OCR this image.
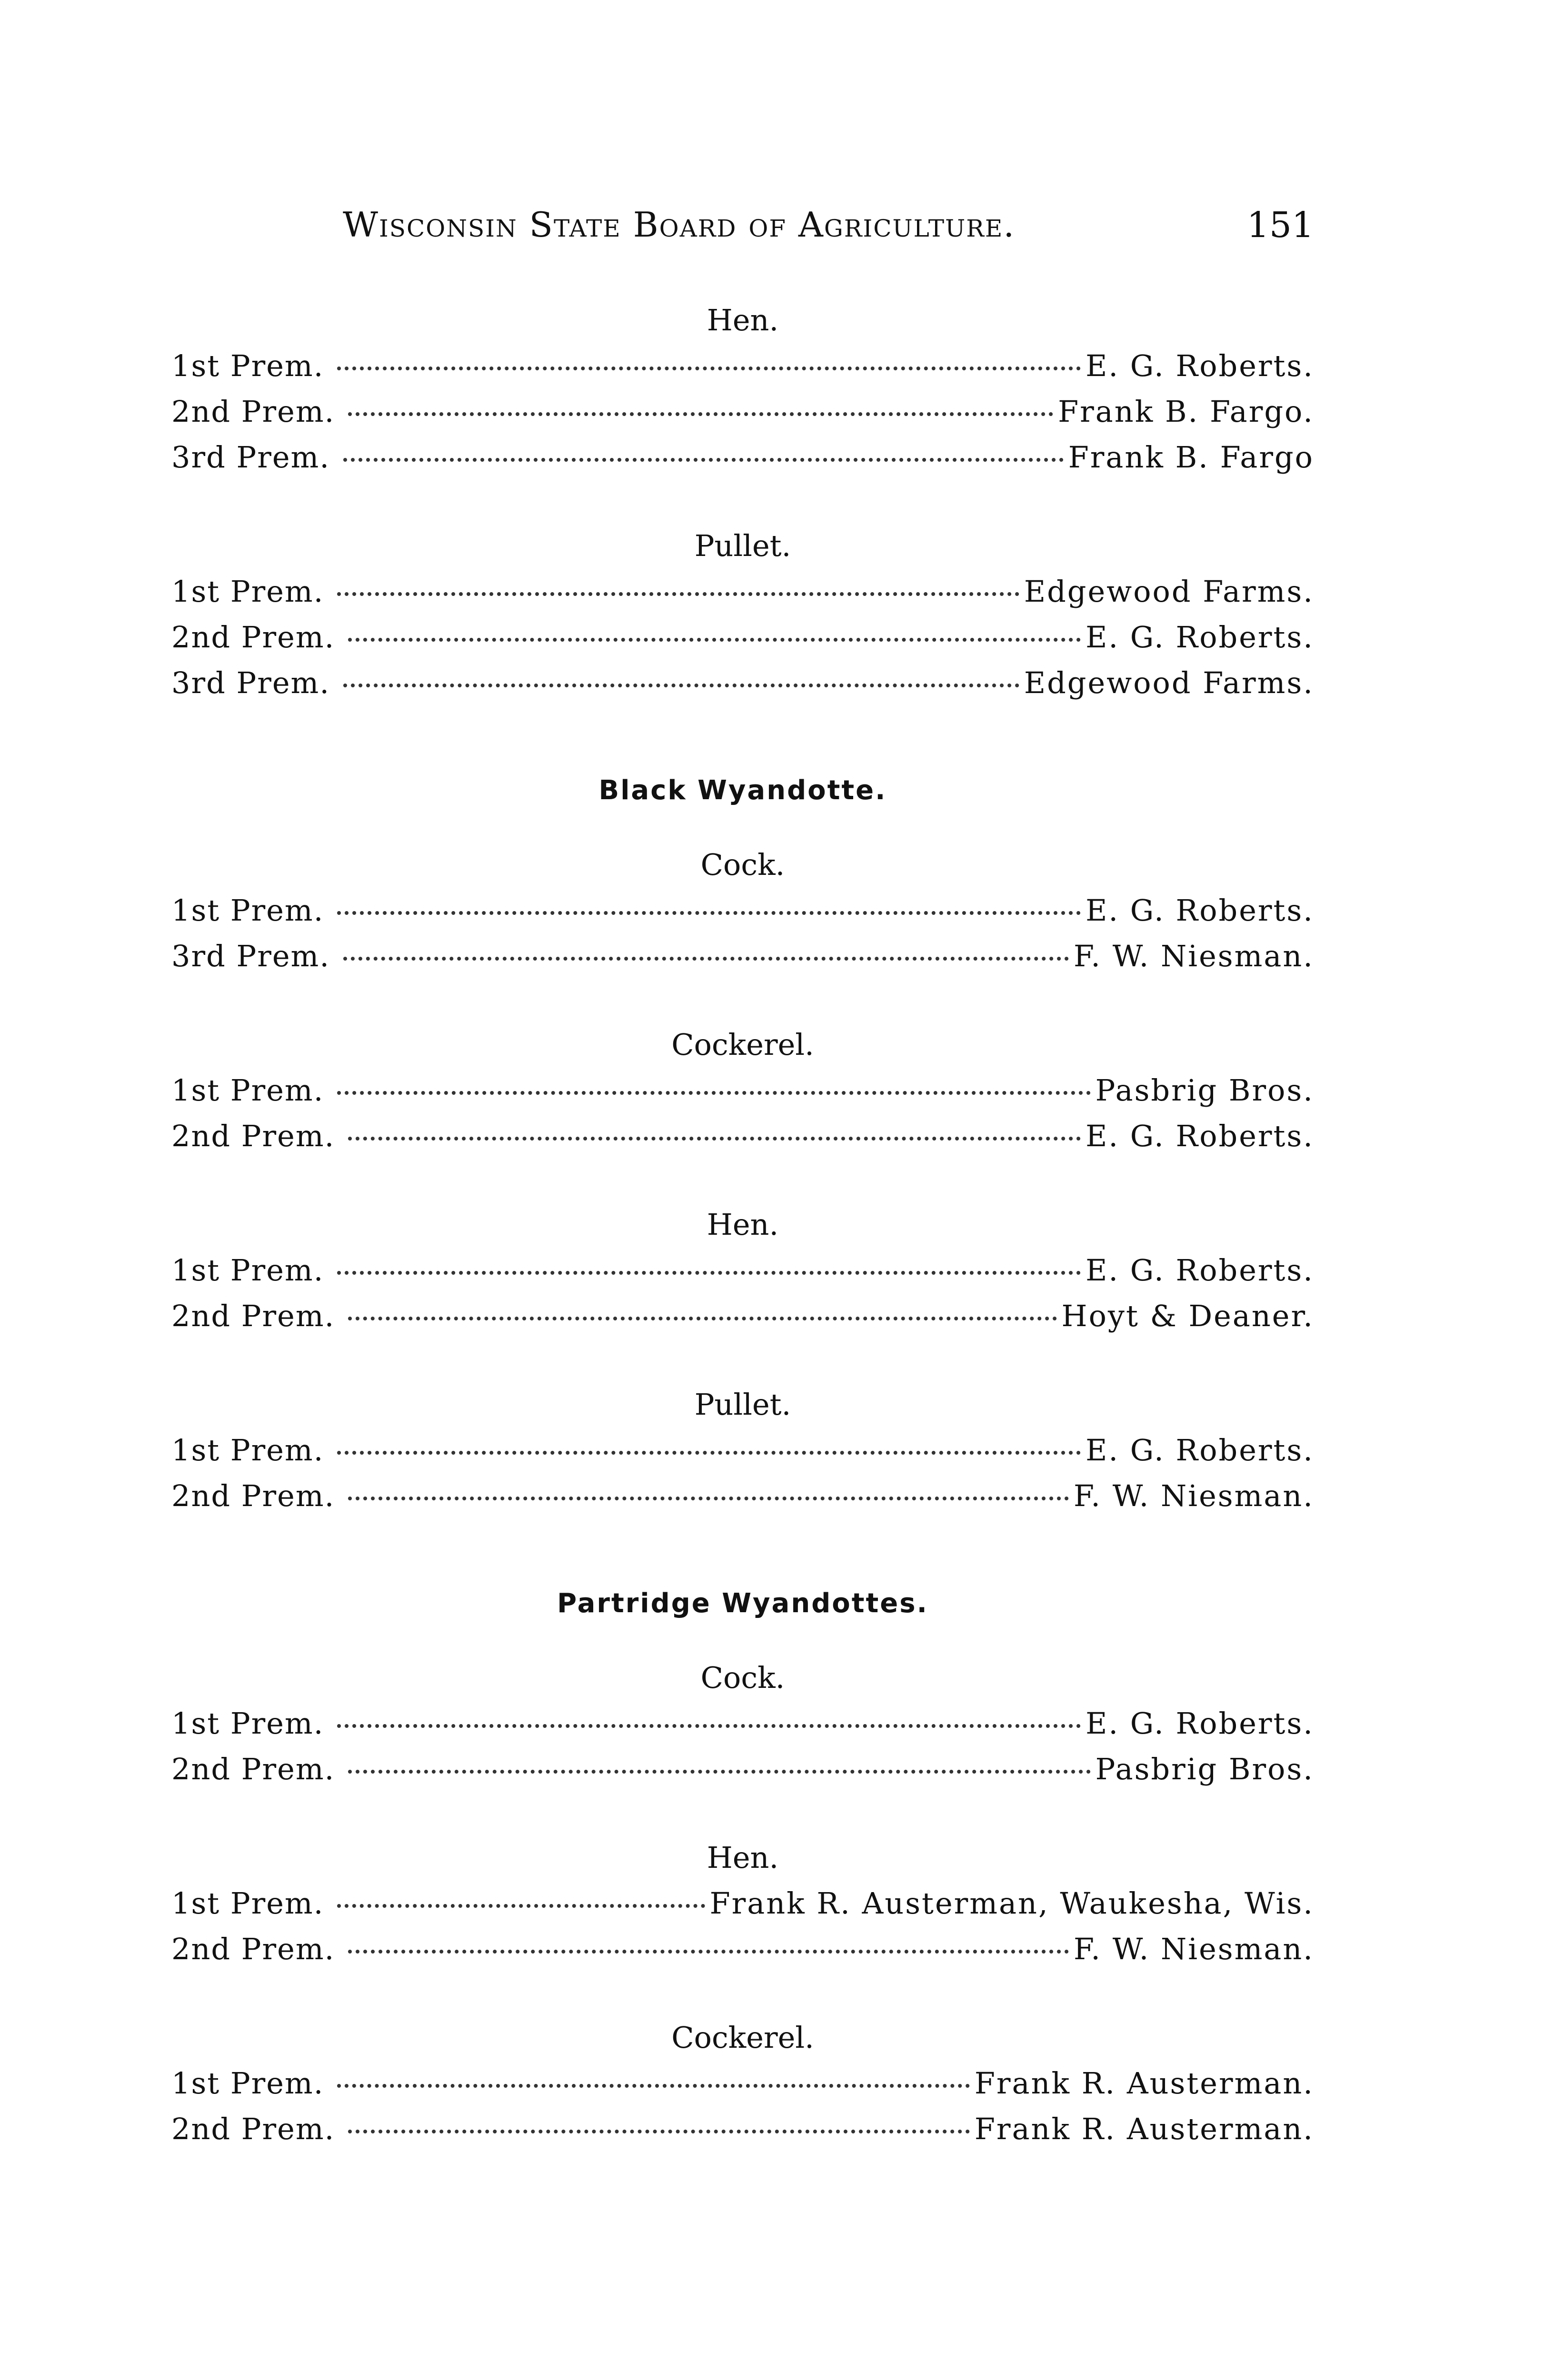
Wisconsin State Board of Agriculture.	151
Hen.
1st Prem.	E. G. Roberts.
2nd Prem.	Frank B. Fargo.
3rd Prem.	Frank B. Fargo
Pullet.
1st Prem.	Edgewood Farms.
2nd Prem.	E. G. Roberts.
3rd Prem.	Edgewood Farms.
Black Wyandotte.
Cock.
1st Prem.	E. G. Roberts.
3rd Prem.	F. W. Niesman.
Cockerel.
1st Prem.	Pasbrig Bros.
2nd Prem.	E. G. Roberts.
Hen.
1st Prem.	E. G. Roberts.
2nd Prem.	Hoyt & Deaner.
Pullet.
1st Prem.	E. G. Roberts.
2nd Prem.	F. W. Niesman.
Partridge Wyandottes.
Cock.
1st Prem.	E. G. Roberts.
2nd Prem.	Pasbrig Bros.
Hen.
1st Prem.	Frank R. Austerman, Waukesha, Wis.
2nd Prem.	F. W. Niesman.
Cockerel.
1st Prem.	Frank R. Austerman.
2nd Prem.	Frank R. Austerman.
